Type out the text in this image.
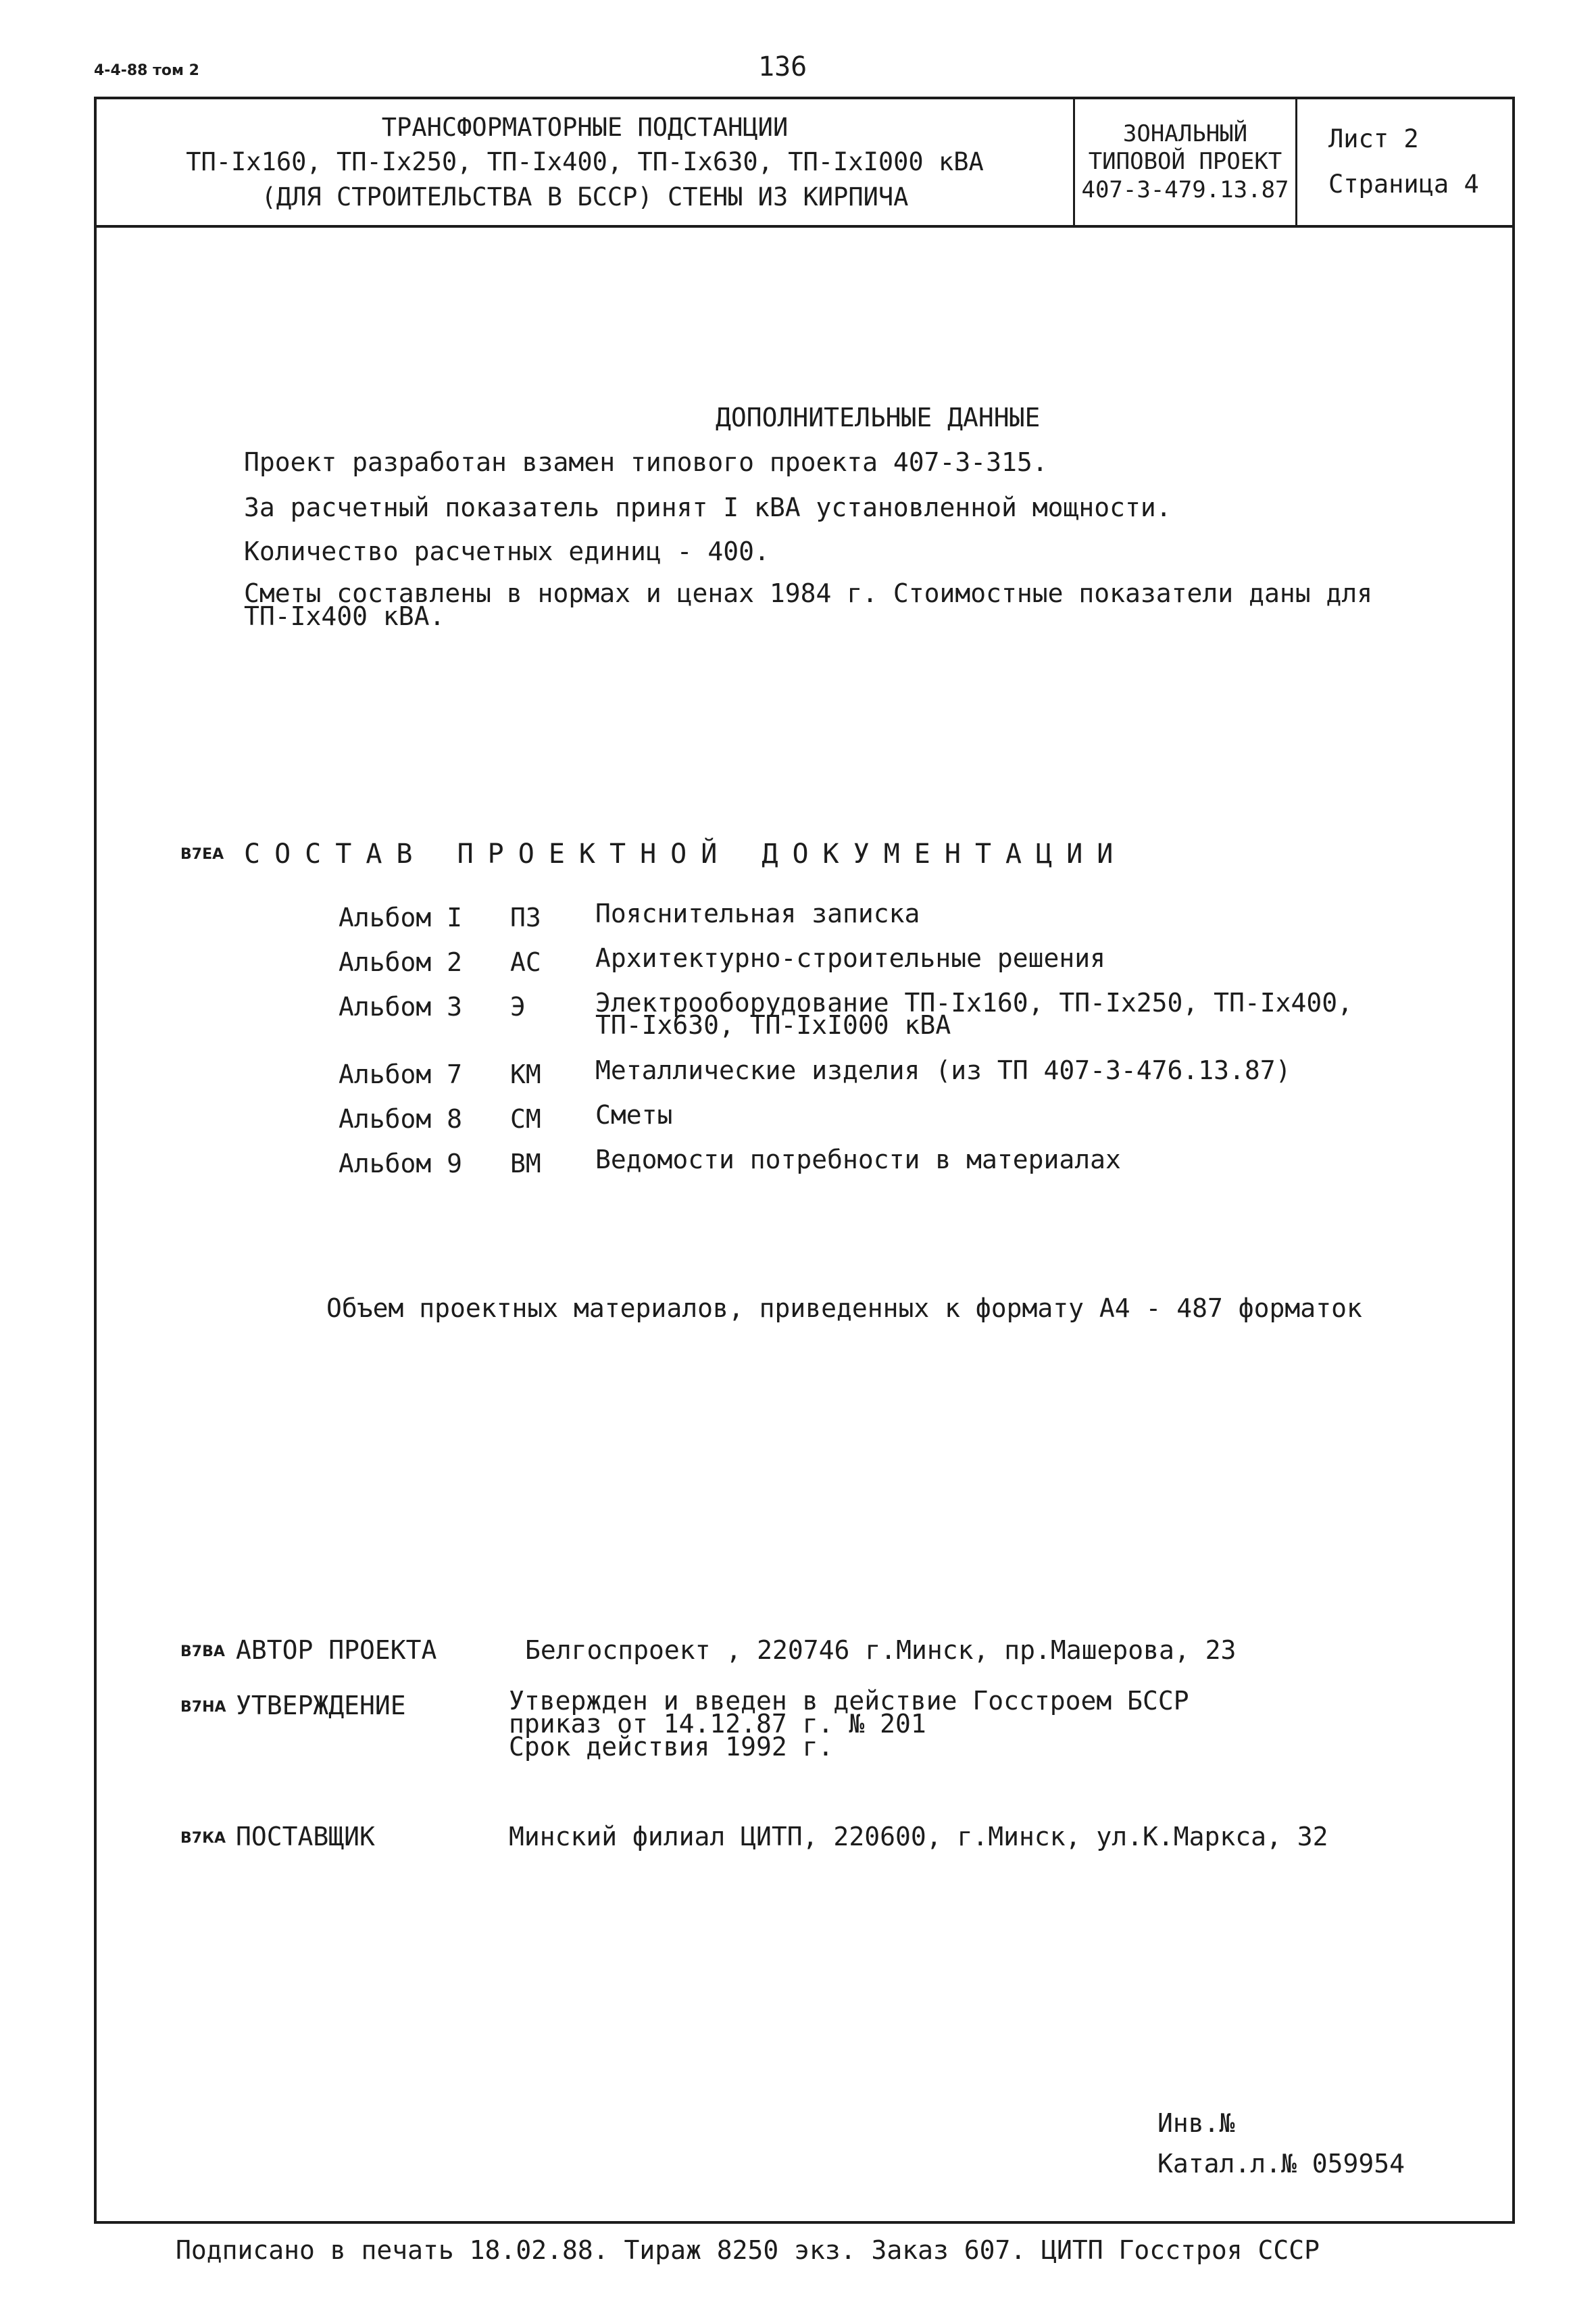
4-4-88 том 2	136
ТРАНСФОРМАТОРНЫЕ ПОДСТАНЦИИ
ТП-Iх160, ТП-Iх250, ТП-Iх400, ТП-Iх630, ТП-IхI000 кВА
(ДЛЯ СТРОИТЕЛЬСТВА В БССР) СТЕНЫ ИЗ КИРПИЧА
ЗОНАЛЬНЫЙ
ТИПОВОЙ ПРОЕКТ
407-3-479.13.87
Лист 2
Страница 4
ДОПОЛНИТЕЛЬНЫЕ ДАННЫЕ
Проект разработан взамен типового проекта 407-3-315.
За расчетный показатель принят I кВА установленной мощности.
Количество расчетных единиц - 400.
Сметы составлены в нормах и ценах 1984 г. Стоимостные показатели даны для
ТП-Iх400 кВА.
В7ЕА СОСТАВ ПРОЕКТНОЙ ДОКУМЕНТАЦИИ
Альбом I ПЗ Пояснительная записка
Альбом 2 АС Архитектурно-строительные решения
Альбом 3 Э	Электрооборудование ТП-Iх160, ТП-Iх250, ТП-Iх400,
ТП-Iх630, ТП-IхI000 кВА
Альбом 7 КМ Металлические изделия (из ТП 407-3-476.13.87)
Альбом 8 СМ Сметы
Альбом 9 ВМ Ведомости потребности в материалах
Объем проектных материалов, приведенных к формату А4 - 487 форматок
В7ВА АВТОР ПРОЕКТА	Белгоспроект , 220746 г.Минск, пр.Машерова, 23
В7НА УТВЕРЖДЕНИЕ	Утвержден и введен в действие Госстроем БССР
приказ от 14.12.87 г. № 201
Срок действия 1992 г.
В7КА ПОСТАВЩИК	Минский филиал ЦИТП, 220600, г.Минск, ул.К.Маркса, 32
Инв.№
Катал.л.№ 059954
Подписано в печать 18.02.88. Тираж 8250 экз. Заказ 607. ЦИТП Госстроя СССР
